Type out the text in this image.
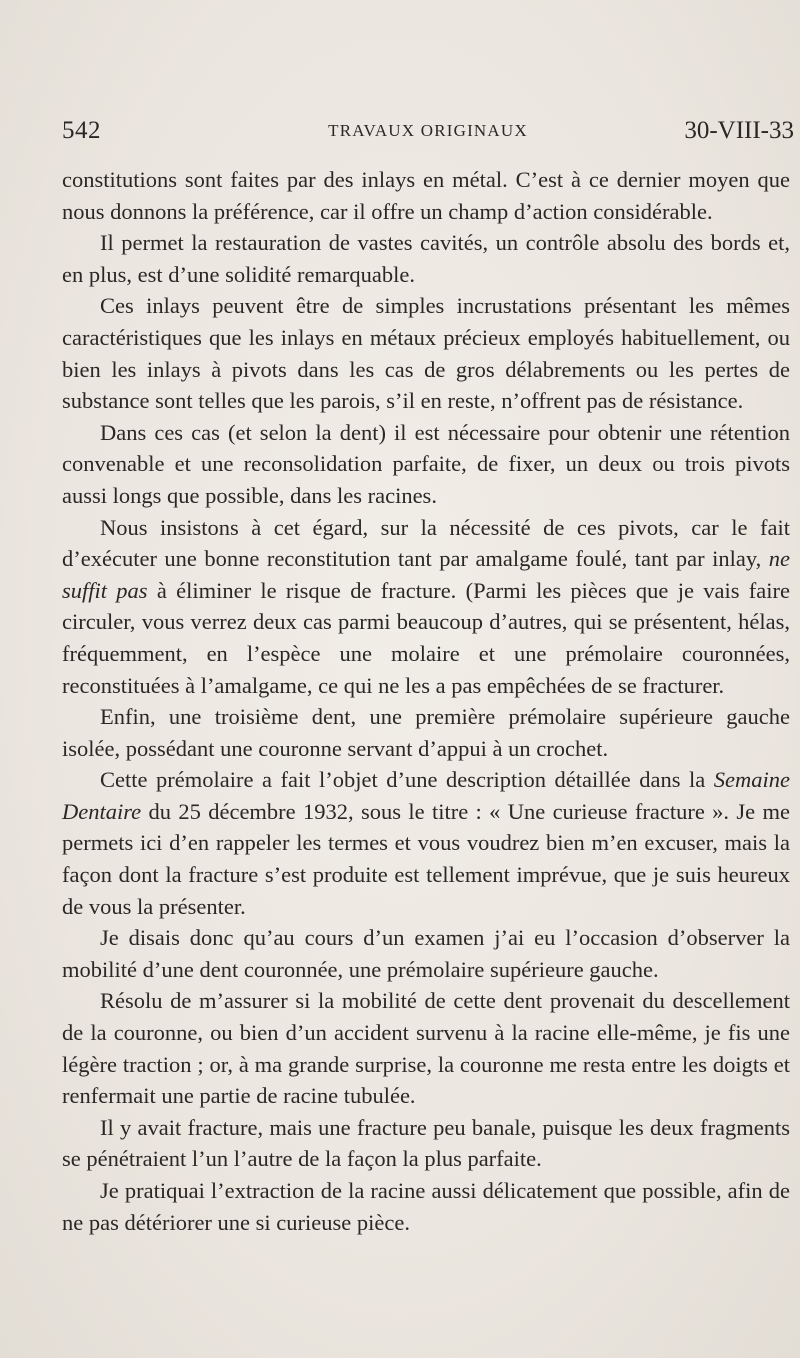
542	TRAVAUX ORIGINAUX	30-VIII-33

constitutions sont faites par des inlays en métal. C’est à ce dernier moyen que nous donnons la préférence, car il offre un champ d’action considérable.

Il permet la restauration de vastes cavités, un contrôle absolu des bords et, en plus, est d’une solidité remarquable.

Ces inlays peuvent être de simples incrustations présentant les mêmes caractéristiques que les inlays en métaux précieux employés habituellement, ou bien les inlays à pivots dans les cas de gros délabrements ou les pertes de substance sont telles que les parois, s’il en reste, n’offrent pas de résistance.

Dans ces cas (et selon la dent) il est nécessaire pour obtenir une rétention convenable et une reconsolidation parfaite, de fixer, un deux ou trois pivots aussi longs que possible, dans les racines.

Nous insistons à cet égard, sur la nécessité de ces pivots, car le fait d’exécuter une bonne reconstitution tant par amalgame foulé, tant par inlay, ne suffit pas à éliminer le risque de fracture. (Parmi les pièces que je vais faire circuler, vous verrez deux cas parmi beaucoup d’autres, qui se présentent, hélas, fréquemment, en l’espèce une molaire et une prémolaire couronnées, reconstituées à l’amalgame, ce qui ne les a pas empêchées de se fracturer.

Enfin, une troisième dent, une première prémolaire supérieure gauche isolée, possédant une couronne servant d’appui à un crochet.

Cette prémolaire a fait l’objet d’une description détaillée dans la Semaine Dentaire du 25 décembre 1932, sous le titre : « Une curieuse fracture ». Je me permets ici d’en rappeler les termes et vous voudrez bien m’en excuser, mais la façon dont la fracture s’est produite est tellement imprévue, que je suis heureux de vous la présenter.

Je disais donc qu’au cours d’un examen j’ai eu l’occasion d’observer la mobilité d’une dent couronnée, une prémolaire supérieure gauche.

Résolu de m’assurer si la mobilité de cette dent provenait du descellement de la couronne, ou bien d’un accident survenu à la racine elle-même, je fis une légère traction ; or, à ma grande surprise, la couronne me resta entre les doigts et renfermait une partie de racine tubulée.

Il y avait fracture, mais une fracture peu banale, puisque les deux fragments se pénétraient l’un l’autre de la façon la plus parfaite.

Je pratiquai l’extraction de la racine aussi délicatement que possible, afin de ne pas détériorer une si curieuse pièce.
